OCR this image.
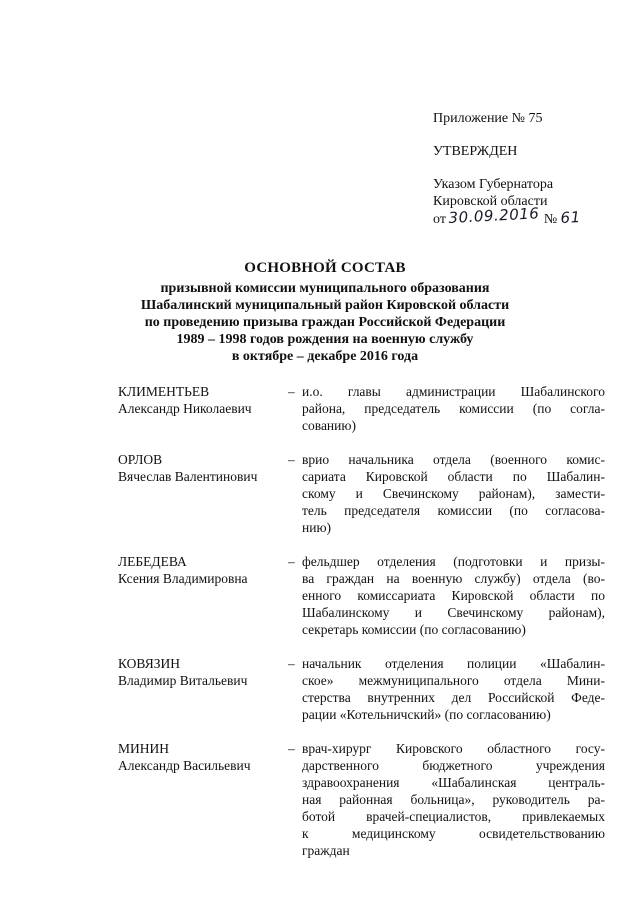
Приложение № 75
УТВЕРЖДЕН
Указом Губернатора
Кировской области
от 30.09.2016 № 61
ОСНОВНОЙ СОСТАВ
призывной комиссии муниципального образования
Шабалинский муниципальный район Кировской области
по проведению призыва граждан Российской Федерации
1989 – 1998 годов рождения на военную службу
в октябре – декабре 2016 года
КЛИМЕНТЬЕВ
Александр Николаевич
– и.о. главы администрации Шабалинского
района, председатель комиссии (по согла-
сованию)
ОРЛОВ
Вячеслав Валентинович
– врио начальника отдела (военного комис-
сариата Кировской области по Шабалин-
скому и Свечинскому районам), замести-
тель председателя комиссии (по согласова-
нию)
ЛЕБЕДЕВА
Ксения Владимировна
– фельдшер отделения (подготовки и призы-
ва граждан на военную службу) отдела (во-
енного комиссариата Кировской области по
Шабалинскому и Свечинскому районам),
секретарь комиссии (по согласованию)
КОВЯЗИН
Владимир Витальевич
– начальник отделения полиции «Шабалин-
ское» межмуниципального отдела Мини-
стерства внутренних дел Российской Феде-
рации «Котельничский» (по согласованию)
МИНИН
Александр Васильевич
– врач-хирург Кировского областного госу-
дарственного бюджетного учреждения
здравоохранения «Шабалинская централь-
ная районная больница», руководитель ра-
ботой врачей-специалистов, привлекаемых
к медицинскому освидетельствованию
граждан
